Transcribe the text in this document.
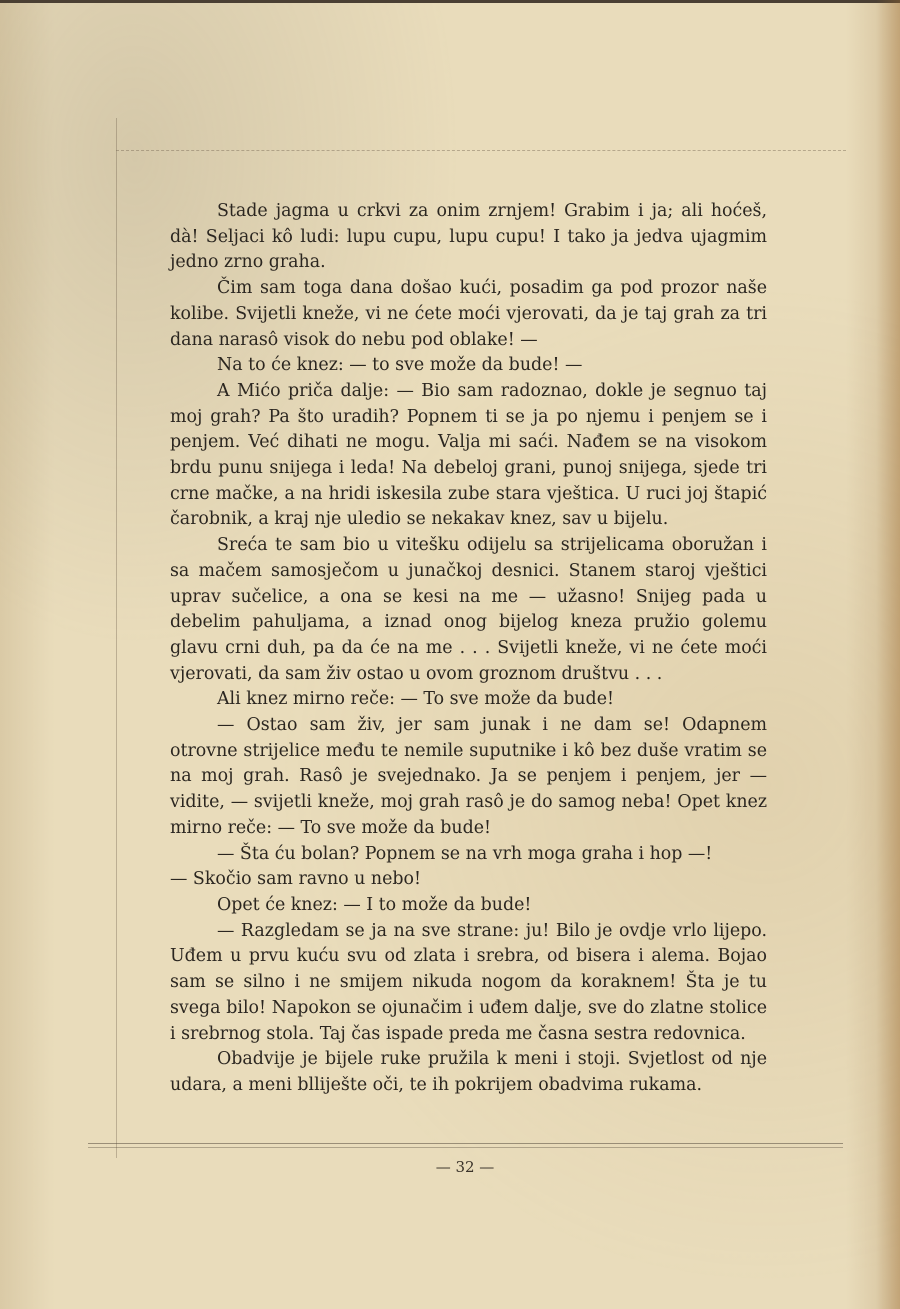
Stade jagma u crkvi za onim zrnjem! Grabim i ja; ali hoćeš, dà! Seljaci kô ludi: lupu cupu, lupu cupu! I tako ja jedva ujagmim jedno zrno graha.

Čim sam toga dana došao kući, posadim ga pod prozor naše kolibe. Svijetli kneže, vi ne ćete moći vjerovati, da je taj grah za tri dana narasô visok do nebu pod oblake! —

Na to će knez: — to sve može da bude! —

A Mićo priča dalje: — Bio sam radoznao, dokle je segnuo taj moj grah? Pa što uradih? Popnem ti se ja po njemu i penjem se i penjem. Već dihati ne mogu. Valja mi saći. Nađem se na visokom brdu punu snijega i leda! Na debeloj grani, punoj snijega, sjede tri crne mačke, a na hridi iskesila zube stara vještica. U ruci joj štapić čarobnik, a kraj nje uledio se nekakav knez, sav u bijelu.

Sreća te sam bio u vitešku odijelu sa strijelicama oboružan i sa mačem samosječom u junačkoj desnici. Stanem staroj vještici uprav sučelice, a ona se kesi na me — užasno! Snijeg pada u debelim pahuljama, a iznad onog bijelog kneza pružio golemu glavu crni duh, pa da će na me . . . Svijetli kneže, vi ne ćete moći vjerovati, da sam živ ostao u ovom groznom društvu . . .

Ali knez mirno reče: — To sve može da bude!

— Ostao sam živ, jer sam junak i ne dam se! Odapnem otrovne strijelice među te nemile suputnike i kô bez duše vratim se na moj grah. Rasô je svejednako. Ja se penjem i penjem, jer — vidite, — svijetli kneže, moj grah rasô je do samog neba! Opet knez mirno reče: — To sve može da bude!

— Šta ću bolan? Popnem se na vrh moga graha i hop —!

— Skočio sam ravno u nebo!

Opet će knez: — I to može da bude!

— Razgledam se ja na sve strane: ju! Bilo je ovdje vrlo lijepo. Uđem u prvu kuću svu od zlata i srebra, od bisera i alema. Bojao sam se silno i ne smijem nikuda nogom da koraknem! Šta je tu svega bilo! Napokon se ojunačim i uđem dalje, sve do zlatne stolice i srebrnog stola. Taj čas ispade preda me časna sestra redovnica.

Obadvije je bijele ruke pružila k meni i stoji. Svjetlost od nje udara, a meni blliješte oči, te ih pokrijem obadvima rukama.

— 32 —
